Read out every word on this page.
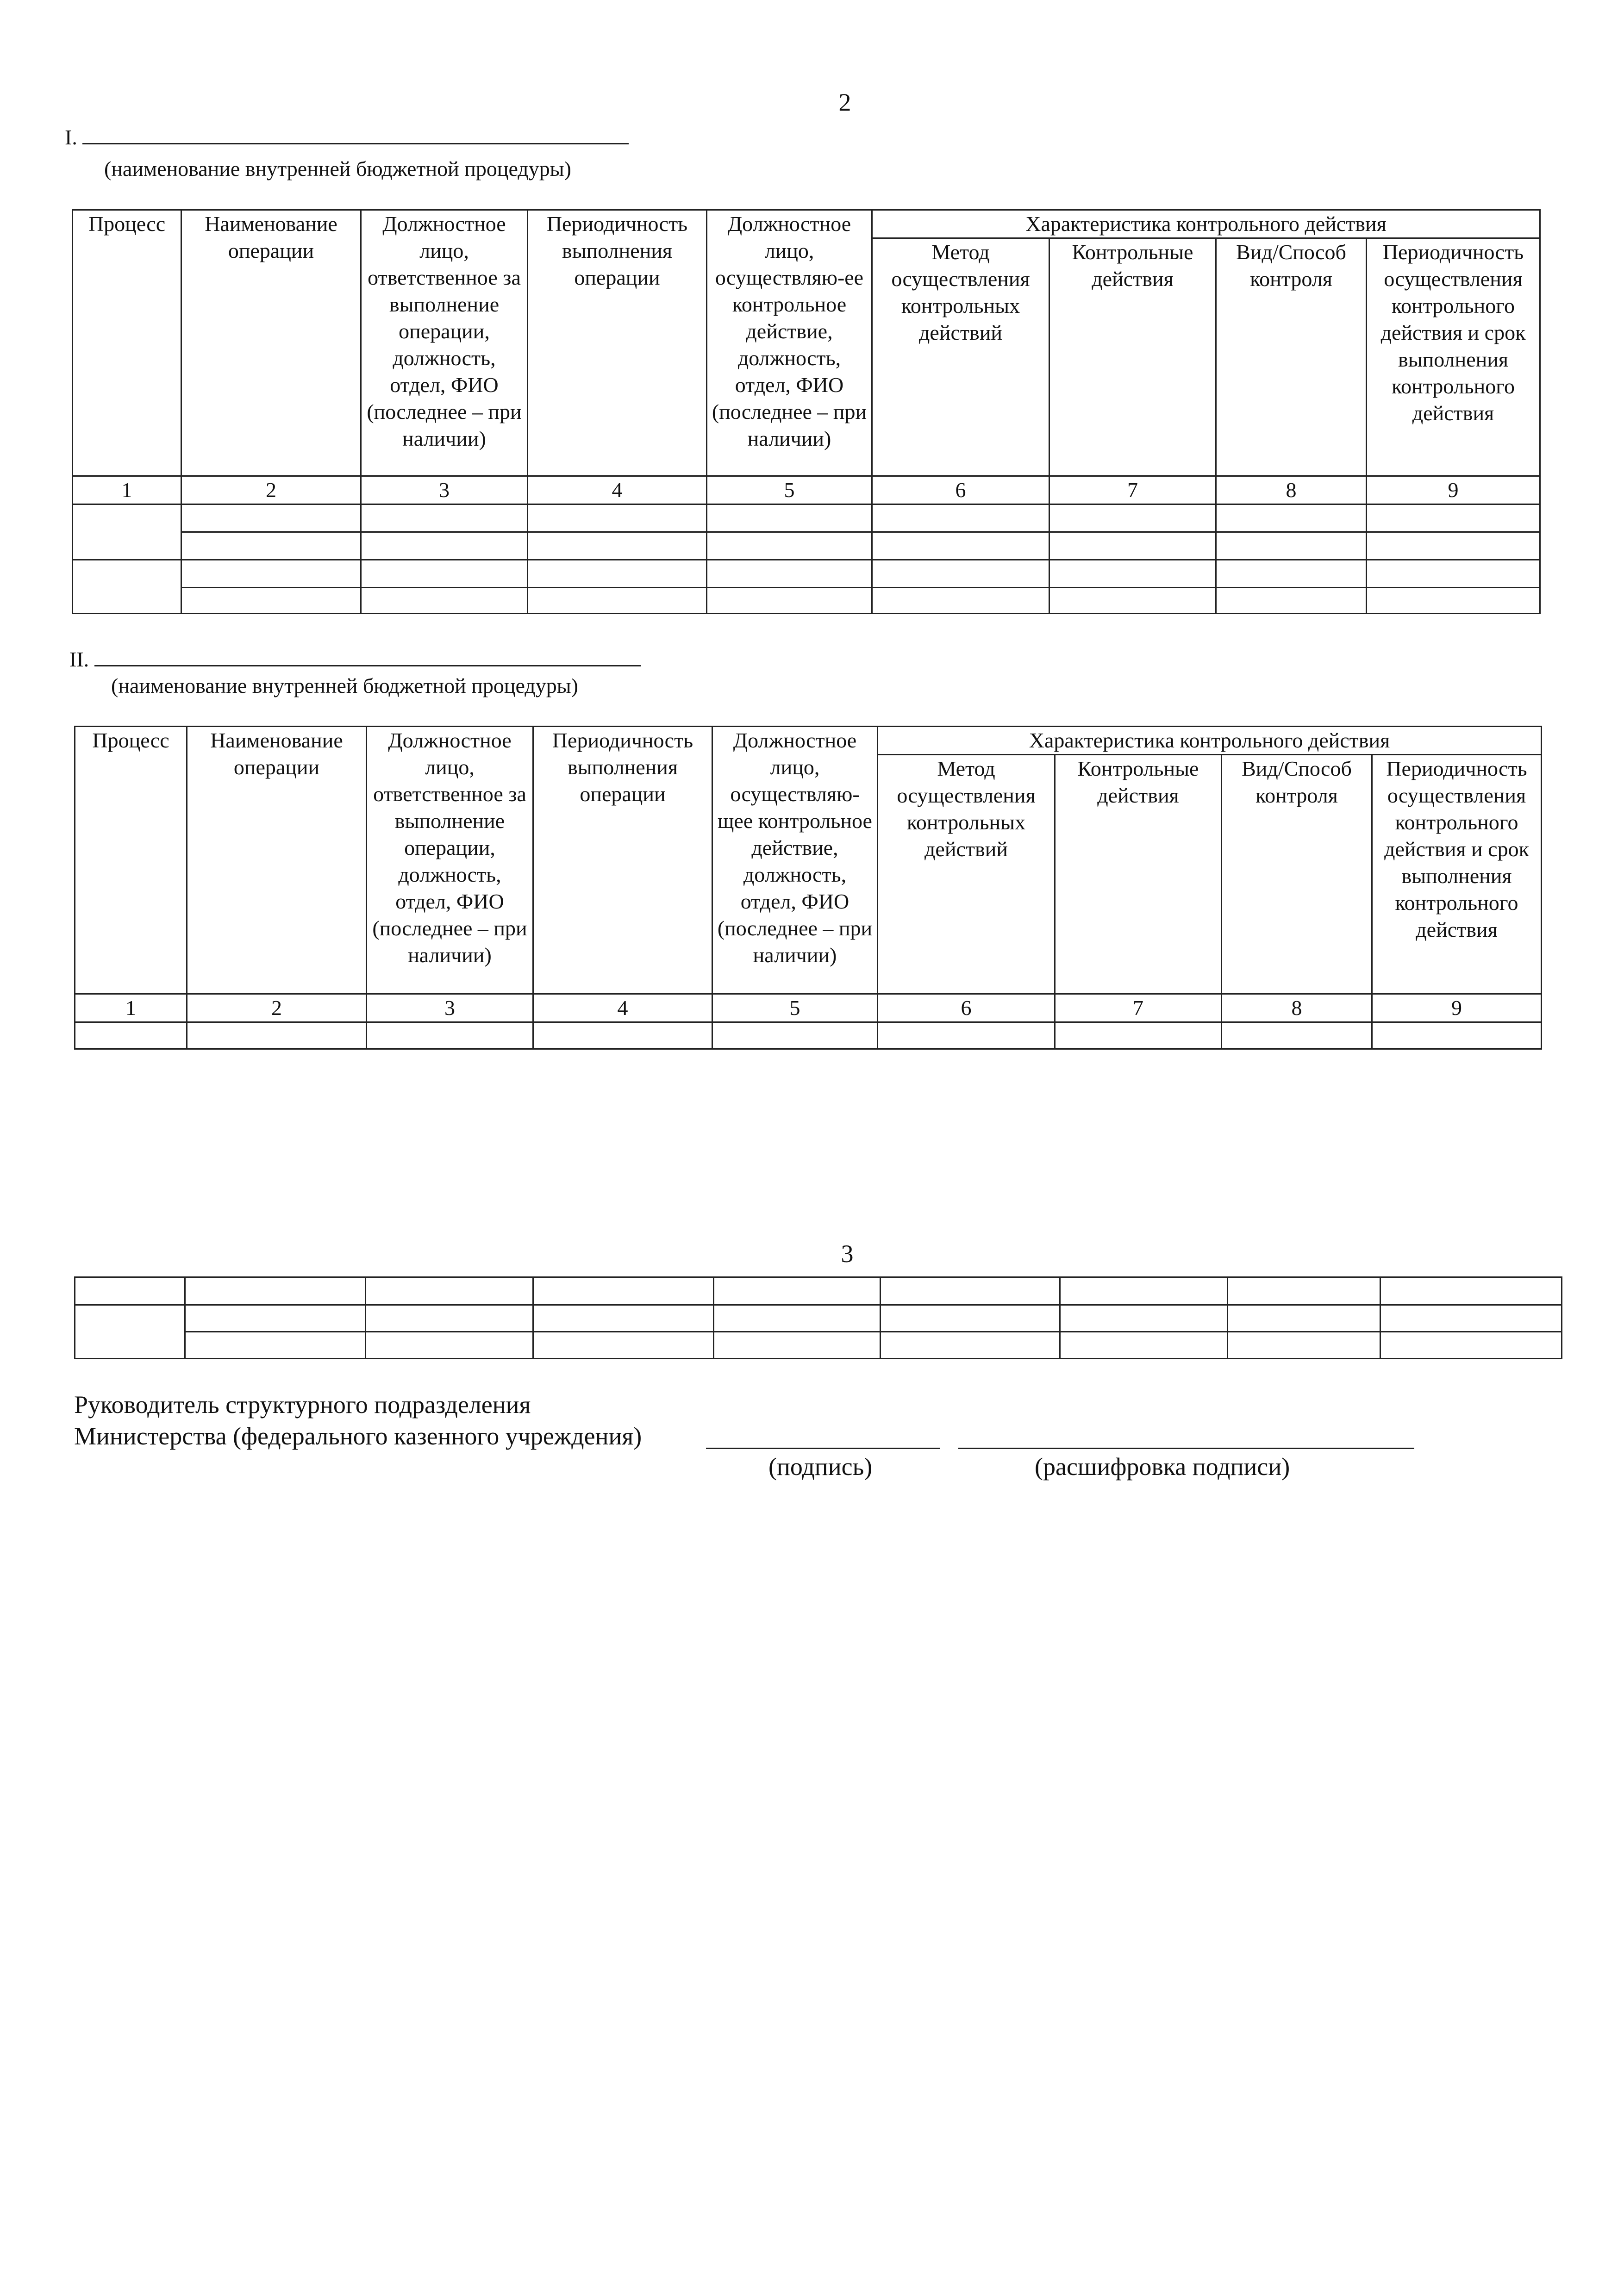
2
I.
(наименование внутренней бюджетной процедуры)
Процесс	Наименование операции	Должностное лицо, ответственное за выполнение операции, должность, отдел, ФИО (последнее – при наличии)	Периодичность выполнения операции	Должностное лицо, осуществляю-ее контрольное действие, должность, отдел, ФИО (последнее – при наличии)	Характеристика контрольного действия			
					Метод осуществления контрольных действий	Контрольные действия	Вид/Способ контроля	Периодичность осуществления контрольного действия и срок выполнения контрольного действия
1	2	3	4	5	6	7	8	9

II.
(наименование внутренней бюджетной процедуры)
Процесс	Наименование операции	Должностное лицо, ответственное за выполнение операции, должность, отдел, ФИО (последнее – при наличии)	Периодичность выполнения операции	Должностное лицо, осуществляю-щее контрольное действие, должность, отдел, ФИО (последнее – при наличии)	Характеристика контрольного действия			
					Метод осуществления контрольных действий	Контрольные действия	Вид/Способ контроля	Периодичность осуществления контрольного действия и срок выполнения контрольного действия
1	2	3	4	5	6	7	8	9

3

Руководитель структурного подразделения
Министерства (федерального казенного учреждения)
(подпись)	(расшифровка подписи)
